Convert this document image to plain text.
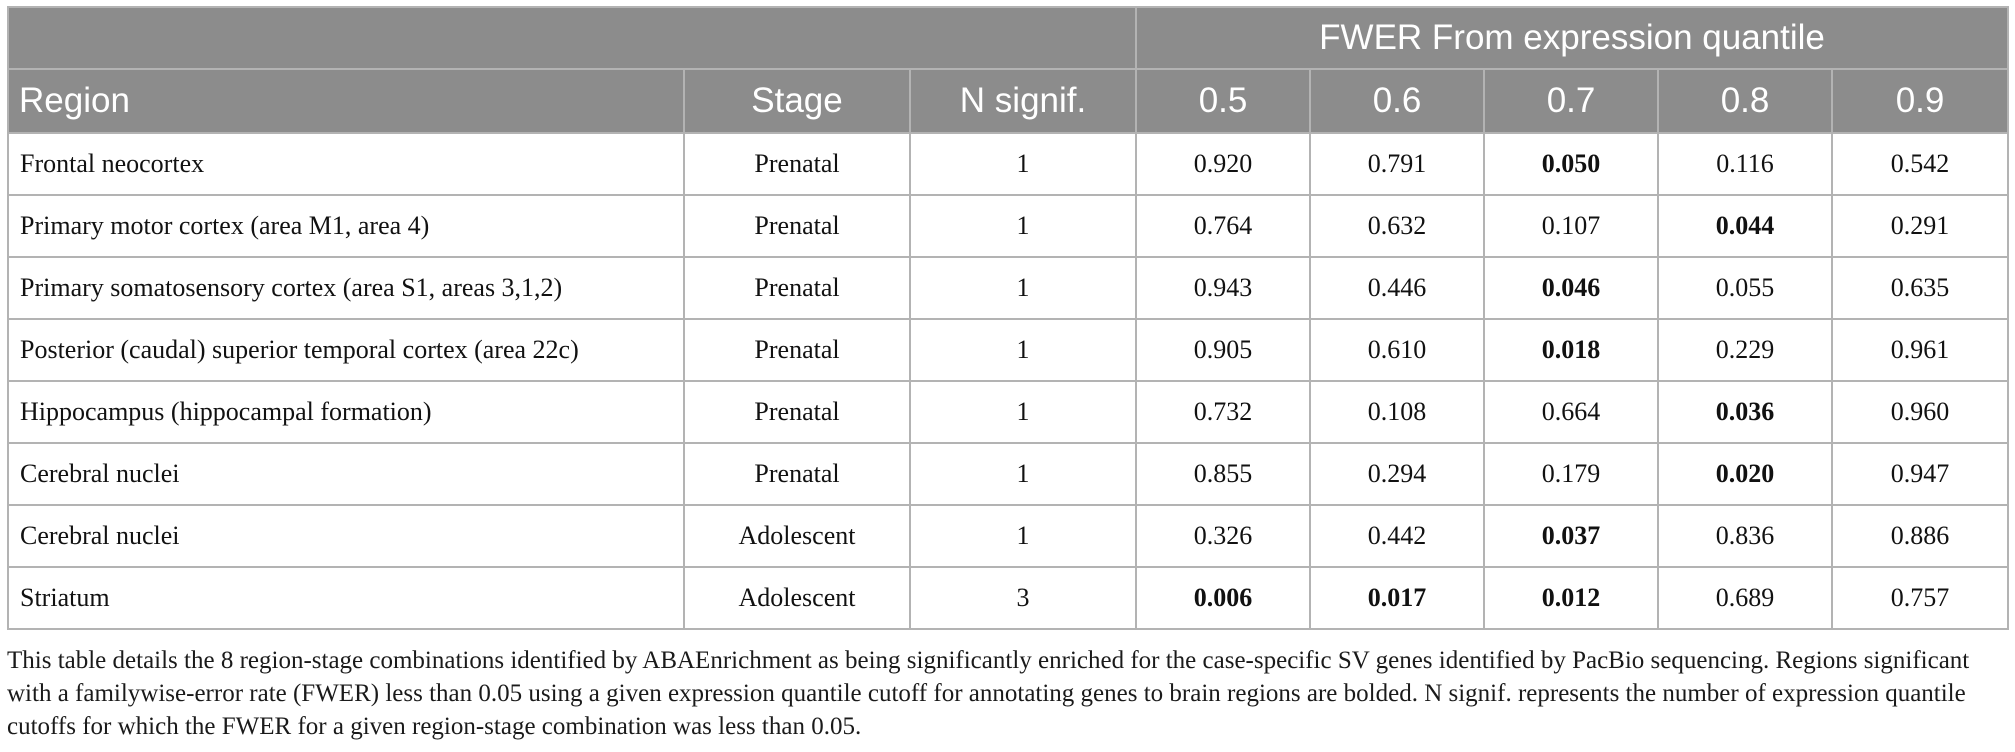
			FWER From expression quantile				
Region	Stage	N signif.	0.5	0.6	0.7	0.8	0.9
Frontal neocortex	Prenatal	1	0.920	0.791	0.050	0.116	0.542
Primary motor cortex (area M1, area 4)	Prenatal	1	0.764	0.632	0.107	0.044	0.291
Primary somatosensory cortex (area S1, areas 3,1,2)	Prenatal	1	0.943	0.446	0.046	0.055	0.635
Posterior (caudal) superior temporal cortex (area 22c)	Prenatal	1	0.905	0.610	0.018	0.229	0.961
Hippocampus (hippocampal formation)	Prenatal	1	0.732	0.108	0.664	0.036	0.960
Cerebral nuclei	Prenatal	1	0.855	0.294	0.179	0.020	0.947
Cerebral nuclei	Adolescent	1	0.326	0.442	0.037	0.836	0.886
Striatum	Adolescent	3	0.006	0.017	0.012	0.689	0.757

This table details the 8 region-stage combinations identified by ABAEnrichment as being significantly enriched for the case-specific SV genes identified by PacBio sequencing. Regions significant with a familywise-error rate (FWER) less than 0.05 using a given expression quantile cutoff for annotating genes to brain regions are bolded. N signif. represents the number of expression quantile cutoffs for which the FWER for a given region-stage combination was less than 0.05.
